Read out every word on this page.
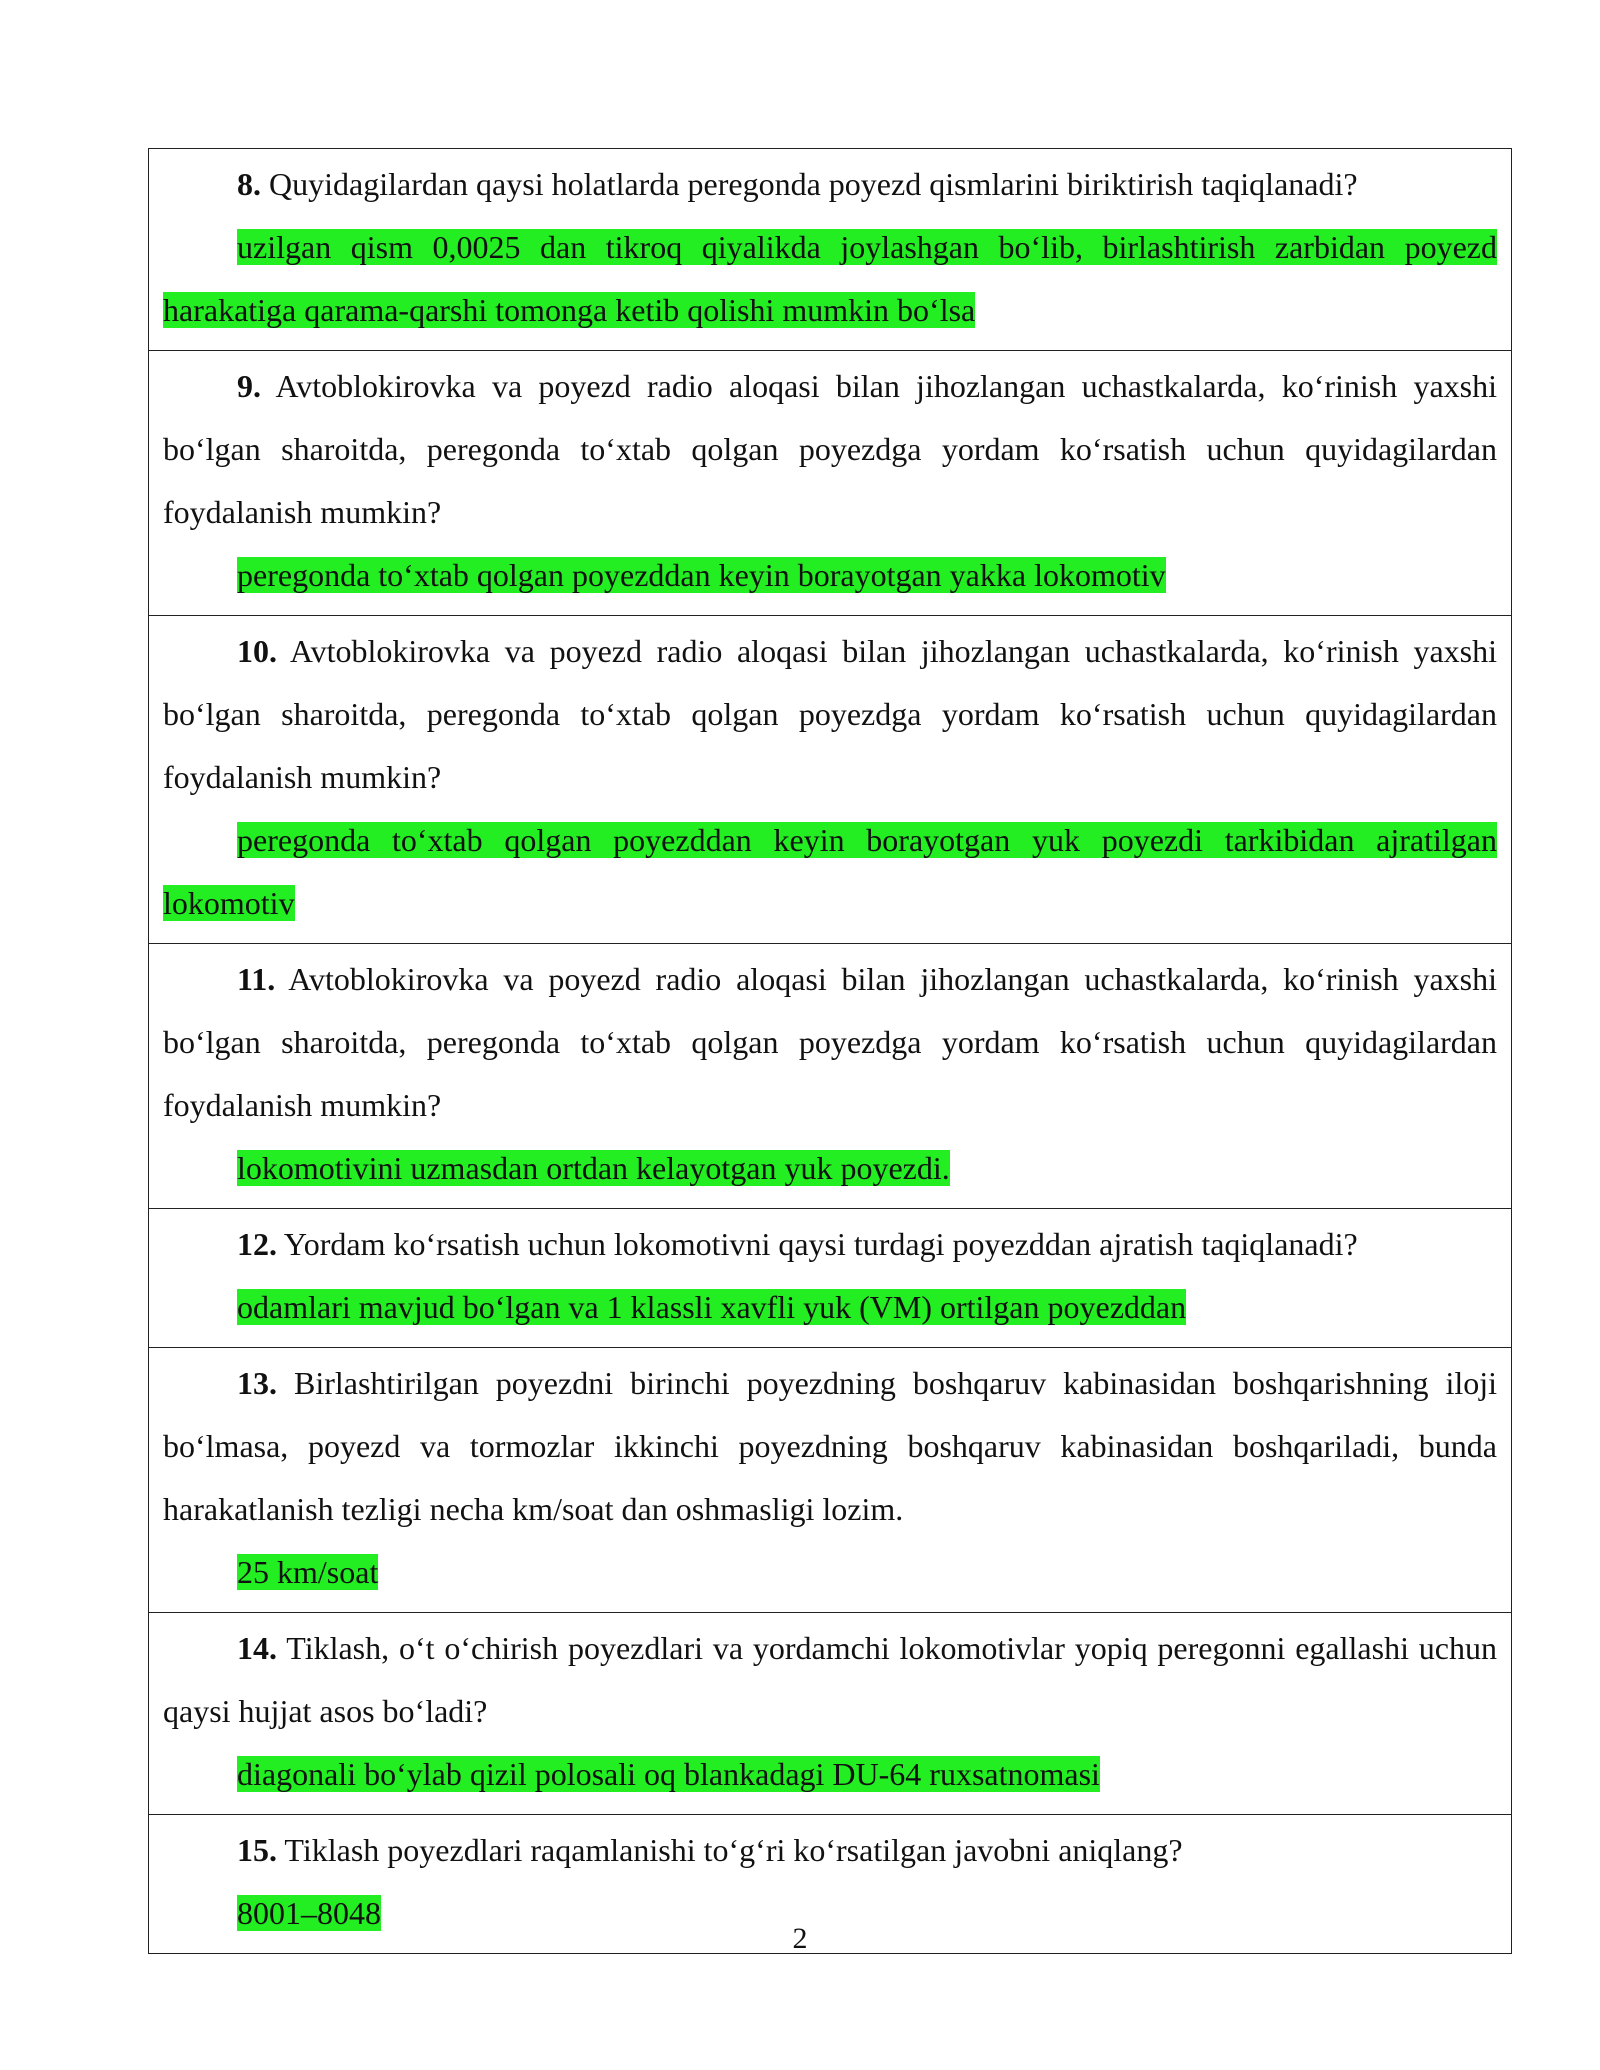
8. Quyidagilardan qaysi holatlarda peregonda poyezd qismlarini biriktirish taqiqlanadi?

uzilgan qism 0,0025 dan tikroq qiyalikda joylashgan bo‘lib, birlashtirish zarbidan poyezd harakatiga qarama-qarshi tomonga ketib qolishi mumkin bo‘lsa

9. Avtoblokirovka va poyezd radio aloqasi bilan jihozlangan uchastkalarda, ko‘rinish yaxshi bo‘lgan sharoitda, peregonda to‘xtab qolgan poyezdga yordam ko‘rsatish uchun quyidagilardan foydalanish mumkin?

peregonda to‘xtab qolgan poyezddan keyin borayotgan yakka lokomotiv

10. Avtoblokirovka va poyezd radio aloqasi bilan jihozlangan uchastkalarda, ko‘rinish yaxshi bo‘lgan sharoitda, peregonda to‘xtab qolgan poyezdga yordam ko‘rsatish uchun quyidagilardan foydalanish mumkin?

peregonda to‘xtab qolgan poyezddan keyin borayotgan yuk poyezdi tarkibidan ajratilgan lokomotiv

11. Avtoblokirovka va poyezd radio aloqasi bilan jihozlangan uchastkalarda, ko‘rinish yaxshi bo‘lgan sharoitda, peregonda to‘xtab qolgan poyezdga yordam ko‘rsatish uchun quyidagilardan foydalanish mumkin?

lokomotivini uzmasdan ortdan kelayotgan yuk poyezdi.

12. Yordam ko‘rsatish uchun lokomotivni qaysi turdagi poyezddan ajratish taqiqlanadi?

odamlari mavjud bo‘lgan va 1 klassli xavfli yuk (VM) ortilgan poyezddan

13. Birlashtirilgan poyezdni birinchi poyezdning boshqaruv kabinasidan boshqarishning iloji bo‘lmasa, poyezd va tormozlar ikkinchi poyezdning boshqaruv kabinasidan boshqariladi, bunda harakatlanish tezligi necha km/soat dan oshmasligi lozim.

25 km/soat

14. Tiklash, o‘t o‘chirish poyezdlari va yordamchi lokomotivlar yopiq peregonni egallashi uchun qaysi hujjat asos bo‘ladi?

diagonali bo‘ylab qizil polosali oq blankadagi DU-64 ruxsatnomasi

15. Tiklash poyezdlari raqamlanishi to‘g‘ri ko‘rsatilgan javobni aniqlang?

8001–8048

2
